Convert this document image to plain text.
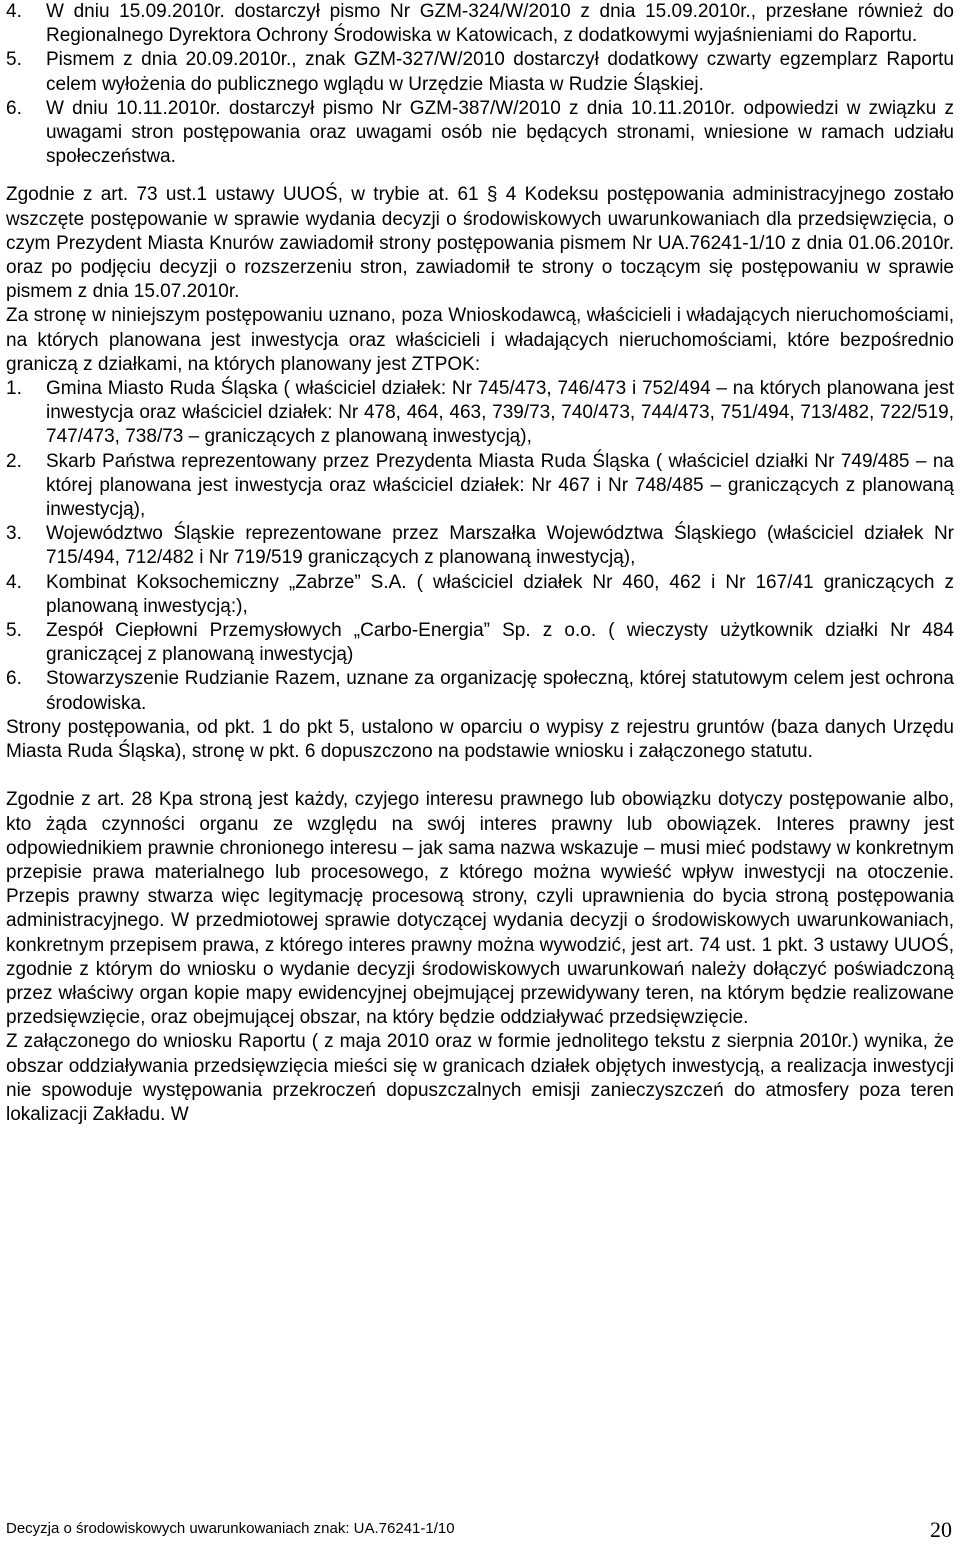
4.	W dniu 15.09.2010r. dostarczył pismo Nr GZM-324/W/2010 z dnia 15.09.2010r., przesłane również do Regionalnego Dyrektora Ochrony Środowiska w Katowicach, z dodatkowymi wyjaśnieniami do Raportu.
5.	Pismem z dnia 20.09.2010r., znak GZM-327/W/2010 dostarczył dodatkowy czwarty egzemplarz Raportu celem wyłożenia do publicznego wglądu w Urzędzie Miasta w Rudzie Śląskiej.
6.	W dniu 10.11.2010r. dostarczył pismo Nr GZM-387/W/2010 z dnia 10.11.2010r. odpowiedzi w związku z uwagami stron postępowania oraz uwagami osób nie będących stronami, wniesione w ramach udziału społeczeństwa.

Zgodnie z art. 73 ust.1 ustawy UUOŚ, w trybie at. 61 § 4 Kodeksu postępowania administracyjnego zostało wszczęte postępowanie w sprawie wydania decyzji o środowiskowych uwarunkowaniach dla przedsięwzięcia, o czym Prezydent Miasta Knurów zawiadomił strony postępowania pismem Nr UA.76241-1/10 z dnia 01.06.2010r. oraz po podjęciu decyzji o rozszerzeniu stron, zawiadomił te strony o toczącym się postępowaniu w sprawie pismem z dnia 15.07.2010r.

Za stronę w niniejszym postępowaniu uznano, poza Wnioskodawcą, właścicieli i władających nieruchomościami, na których planowana jest inwestycja oraz właścicieli i władających nieruchomościami, które bezpośrednio graniczą z działkami, na których planowany jest ZTPOK:

1.	Gmina Miasto Ruda Śląska ( właściciel działek: Nr 745/473, 746/473 i 752/494 – na których planowana jest inwestycja oraz właściciel działek: Nr 478, 464, 463, 739/73, 740/473, 744/473, 751/494, 713/482, 722/519, 747/473, 738/73 – graniczących z planowaną inwestycją),
2.	Skarb Państwa reprezentowany przez Prezydenta Miasta Ruda Śląska ( właściciel działki Nr 749/485 – na której planowana jest inwestycja oraz właściciel działek: Nr 467 i Nr 748/485 – graniczących z planowaną inwestycją),
3.	Województwo Śląskie reprezentowane przez Marszałka Województwa Śląskiego (właściciel działek Nr 715/494, 712/482 i Nr 719/519 graniczących z planowaną inwestycją),
4.	Kombinat Koksochemiczny „Zabrze” S.A. ( właściciel działek Nr 460, 462 i Nr 167/41 graniczących z planowaną inwestycją:),
5.	Zespół Ciepłowni Przemysłowych „Carbo-Energia” Sp. z o.o. ( wieczysty użytkownik działki Nr 484 graniczącej z planowaną inwestycją)
6.	Stowarzyszenie Rudzianie Razem, uznane za organizację społeczną, której statutowym celem jest ochrona środowiska.

Strony postępowania, od pkt. 1 do pkt 5, ustalono w oparciu o wypisy z rejestru gruntów (baza danych Urzędu Miasta Ruda Śląska), stronę w pkt. 6 dopuszczono na podstawie wniosku i załączonego statutu.

Zgodnie z art. 28 Kpa stroną jest każdy, czyjego interesu prawnego lub obowiązku dotyczy postępowanie albo, kto żąda czynności organu ze względu na swój interes prawny lub obowiązek. Interes prawny jest odpowiednikiem prawnie chronionego interesu – jak sama nazwa wskazuje – musi mieć podstawy w konkretnym przepisie prawa materialnego lub procesowego, z którego można wywieść wpływ inwestycji na otoczenie. Przepis prawny stwarza więc legitymację procesową strony, czyli uprawnienia do bycia stroną postępowania administracyjnego. W przedmiotowej sprawie dotyczącej wydania decyzji o środowiskowych uwarunkowaniach, konkretnym przepisem prawa, z którego interes prawny można wywodzić, jest art. 74 ust. 1 pkt. 3 ustawy UUOŚ, zgodnie z którym do wniosku o wydanie decyzji środowiskowych uwarunkowań należy dołączyć poświadczoną przez właściwy organ kopie mapy ewidencyjnej obejmującej przewidywany teren, na którym będzie realizowane przedsięwzięcie, oraz obejmującej obszar, na który będzie oddziaływać przedsięwzięcie.

Z załączonego do wniosku Raportu ( z maja 2010 oraz w formie jednolitego tekstu z sierpnia 2010r.) wynika, że obszar oddziaływania przedsięwzięcia mieści się w granicach działek objętych inwestycją, a realizacja inwestycji nie spowoduje występowania przekroczeń dopuszczalnych emisji zanieczyszczeń do atmosfery poza teren lokalizacji Zakładu. W

Decyzja o środowiskowych uwarunkowaniach znak: UA.76241-1/10	20
